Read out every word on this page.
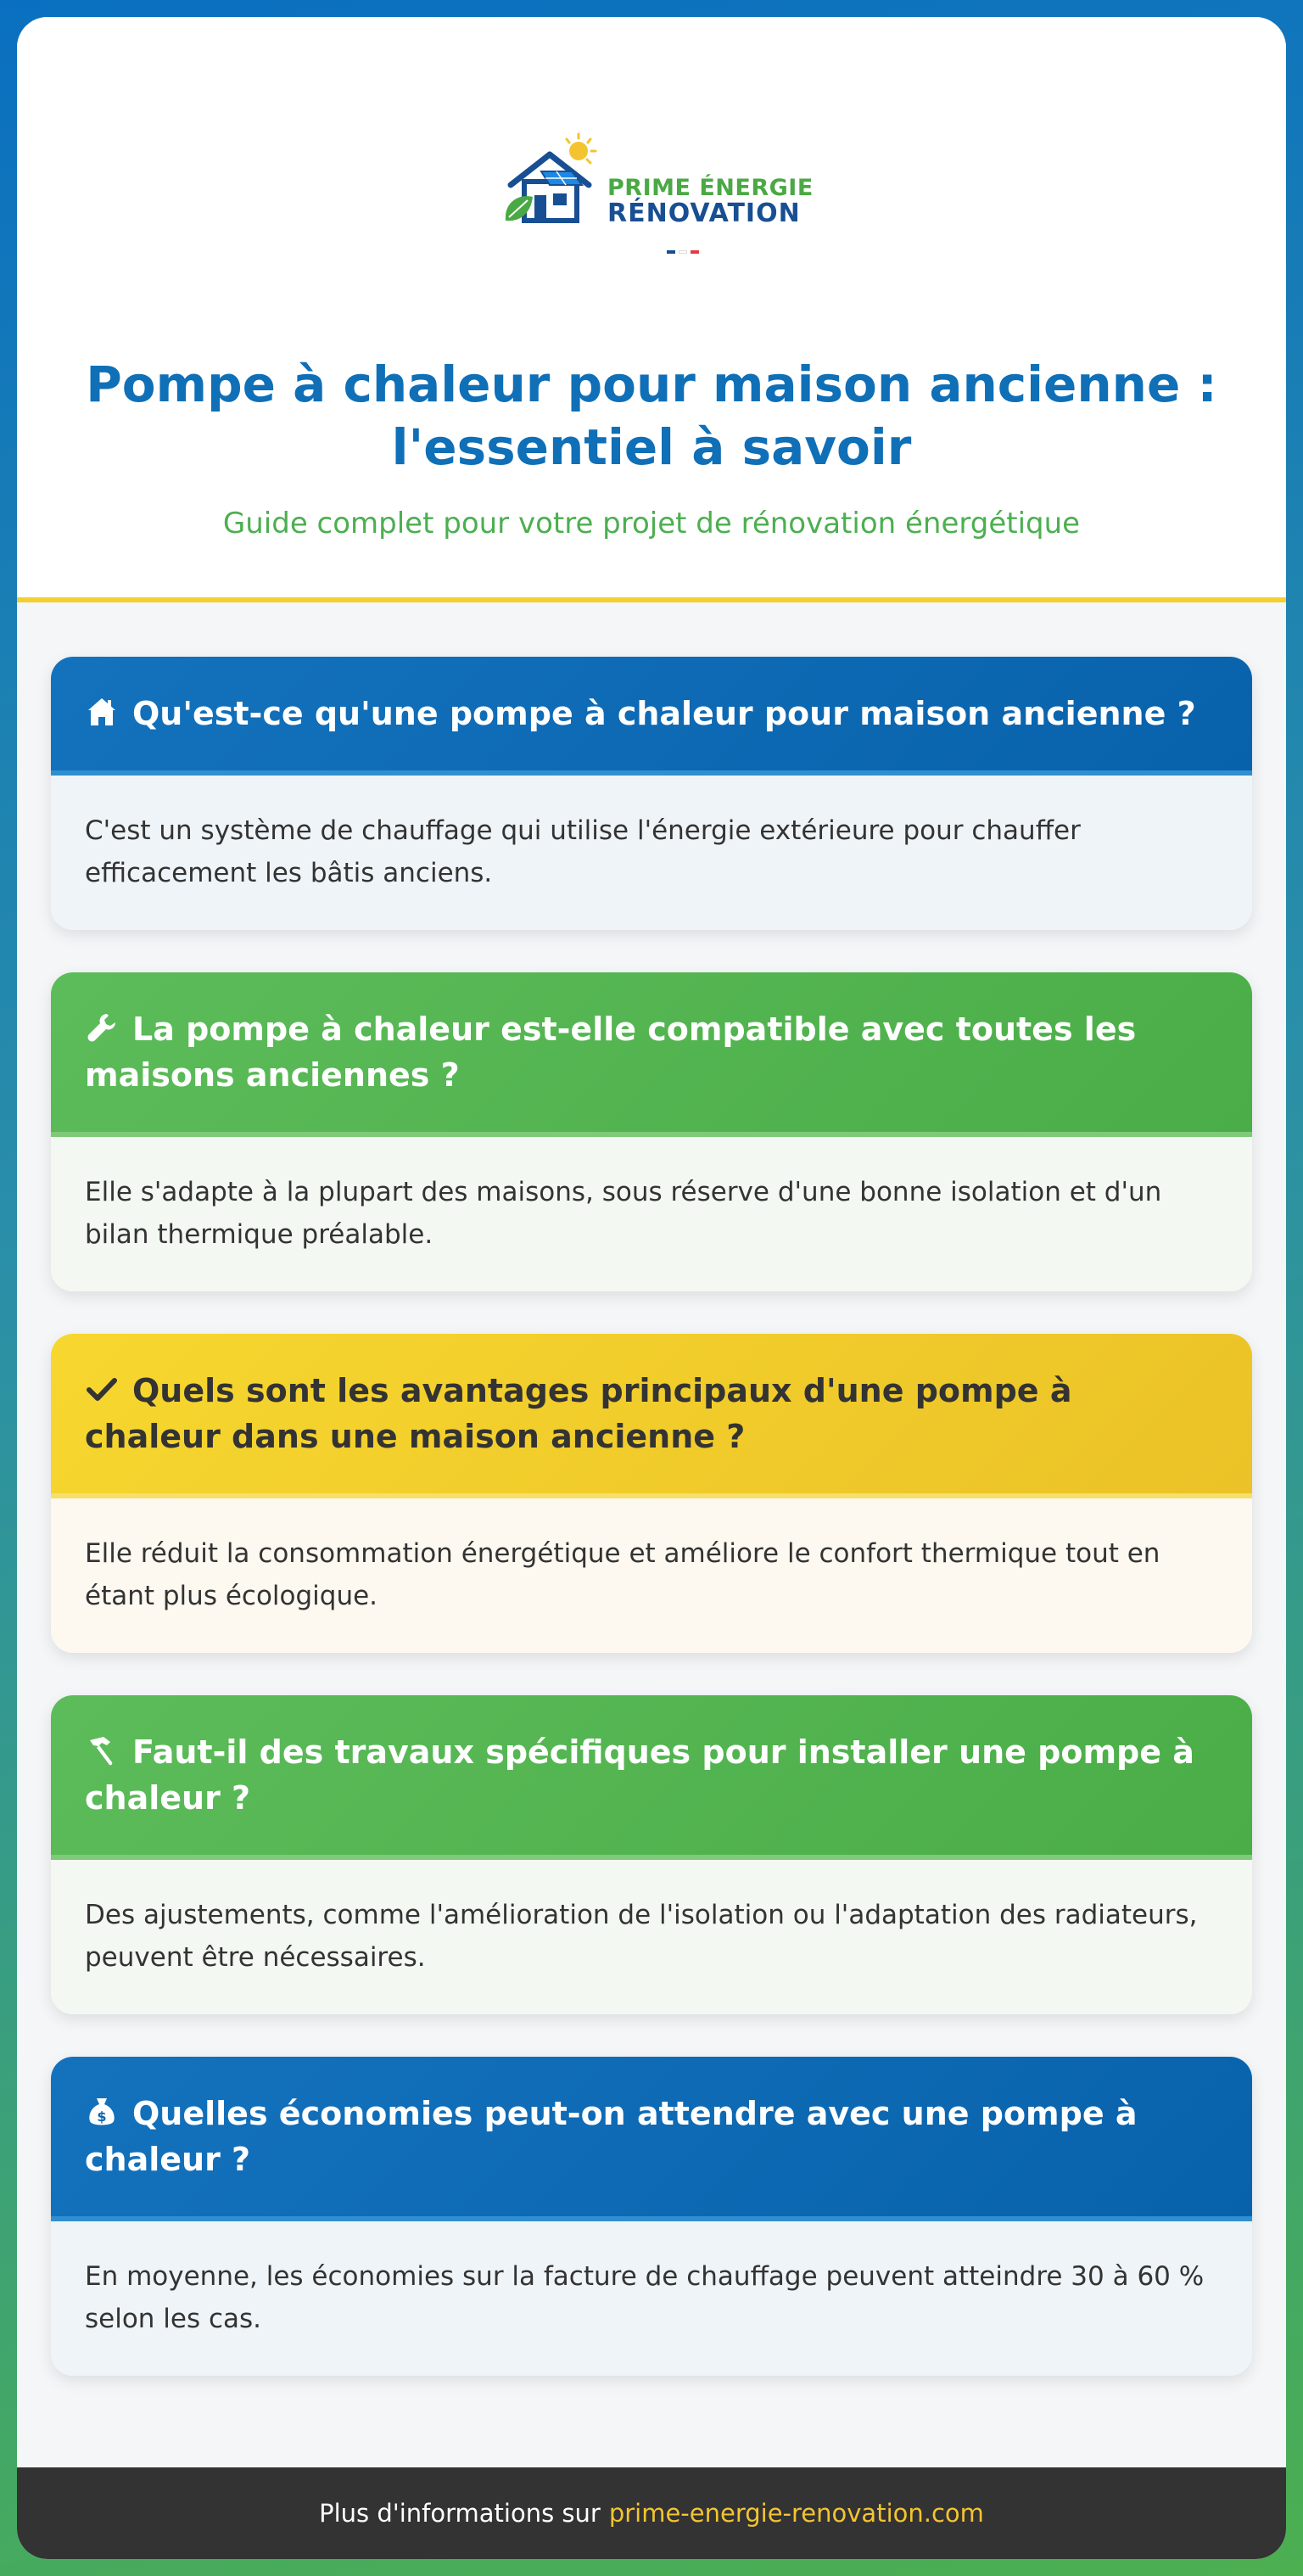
PRIME ÉNERGIE
RÉNOVATION
Pompe à chaleur pour maison ancienne : l'essentiel à savoir
Guide complet pour votre projet de rénovation énergétique
Qu'est-ce qu'une pompe à chaleur pour maison ancienne ?
C'est un système de chauffage qui utilise l'énergie extérieure pour chauffer efficacement les bâtis anciens.
La pompe à chaleur est-elle compatible avec toutes les maisons anciennes ?
Elle s'adapte à la plupart des maisons, sous réserve d'une bonne isolation et d'un bilan thermique préalable.
Quels sont les avantages principaux d'une pompe à chaleur dans une maison ancienne ?
Elle réduit la consommation énergétique et améliore le confort thermique tout en étant plus écologique.
Faut-il des travaux spécifiques pour installer une pompe à chaleur ?
Des ajustements, comme l'amélioration de l'isolation ou l'adaptation des radiateurs, peuvent être nécessaires.
$ Quelles économies peut-on attendre avec une pompe à chaleur ?
En moyenne, les économies sur la facture de chauffage peuvent atteindre 30 à 60 % selon les cas.
Plus d'informations sur prime-energie-renovation.com
